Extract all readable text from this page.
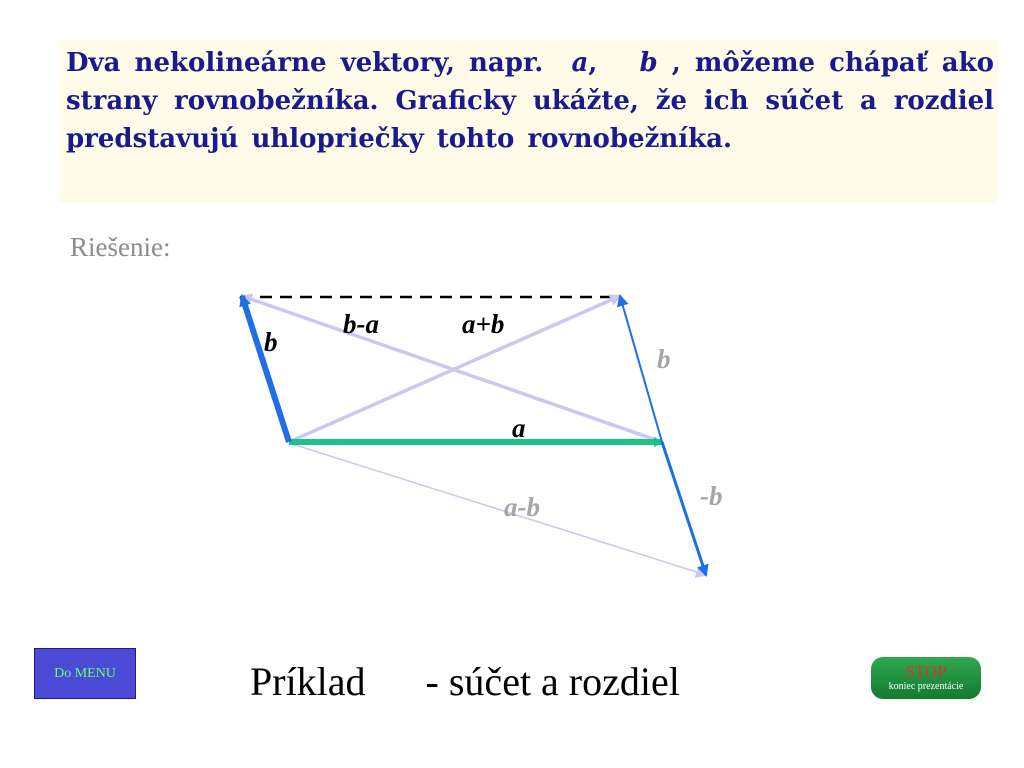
Dva nekolineárne vektory, napr. a, b , môžeme chápať ako strany rovnobežníka. Graficky ukážte, že ich súčet a rozdiel predstavujú uhlopriečky tohto rovnobežníka.
Riešenie:
b
b-a	a+b
b
a
-b
a-b
Do MENU	Príklad      - súčet a rozdiel	STOP
koniec prezentácie
